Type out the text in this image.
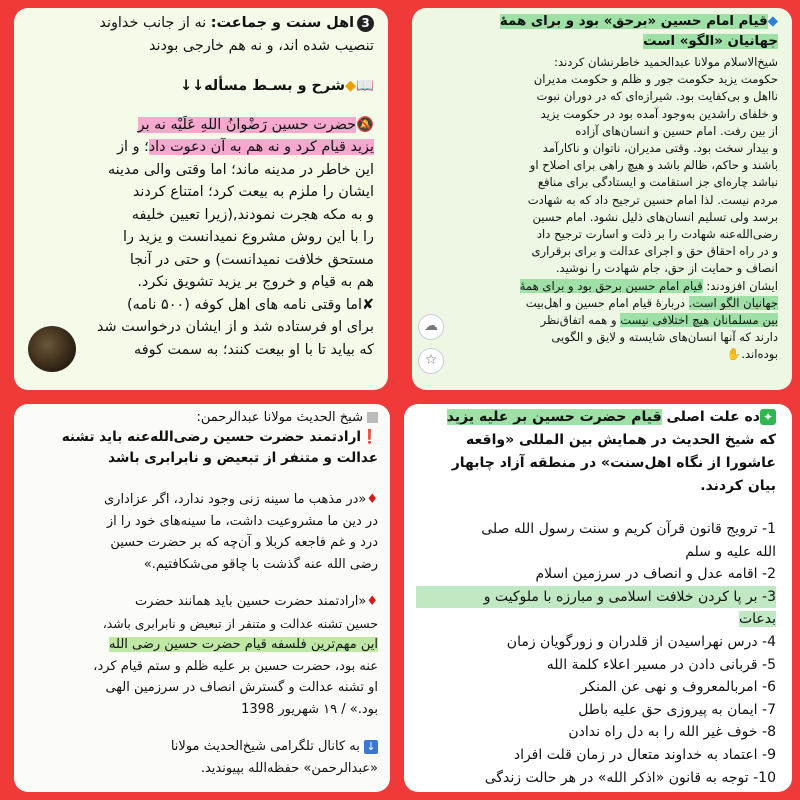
3اهل سنت و جماعت: نه از جانب خداوند

تنصیب شده اند، و نه هم خارجی بودند

📖◆شرح و بسـط مسأله↓↓

🔕حضرت حسین رَضْوانُ اللهِ عَلَیْه نه بر

یزید قیام کرد و نه هم به آن دعوت داد؛ و از

این خاطر در مدینه ماند؛ اما وقتی والی مدینه

ایشان را ملزم به بیعت کرد؛ امتناع کردند

و به مکه هجرت نمودند,(زیرا تعیین خلیفه

را با این روش مشروع نمیدانست و یزید را

مستحق خلافت نمیدانست) و حتی در آنجا

هم به قیام و خروج بر یزید تشویق نکرد.

✘اما وقتی نامه های اهل کوفه (۵۰۰ نامه)

برای او فرستاده شد و از ایشان درخواست شد

که بیاید تا با او بیعت کنند؛ به سمت کوفه

◆قیام امام حسین «برحق» بود و برای همهٔ

جهانیان «الگو» است

شیخ‌الاسلام مولانا عبدالحمید خاطرنشان کردند:

حکومت یزید حکومت جور و ظلم و حکومت مدیران

ناا‌هل و بی‌کفایت بود. شیرازه‌ای که در دوران نبوت

و خلفای راشدین به‌وجود آمده بود در حکومت یزید

از بین رفت. امام حسین و انسان‌های آزاده

و بیدار سخت بود. وقتی مدیران، ناتوان و ناکارآمد

باشند و حاکم، ظالم باشد و هیچ راهی برای اصلاح او

نباشد چاره‌ای جز استقامت و ایستادگی برای منافع

مردم نیست. لذا امام حسین ترجیح داد که به شهادت

برسد ولی تسلیم انسان‌های ذلیل نشود. امام حسین

رضی‌الله‌عنه شهادت را بر ذلت و اسارت ترجیح داد

و در راه احقاق حق و اجرای عدالت و برای برقراری

انصاف و حمایت از حق، جام شهادت را نوشید.

ایشان افزودند: قیام امام حسین برحق بود و برای همهٔ

جهانیان الگو است. دربارهٔ قیام امام حسین و اهل‌بیت

بین مسلمانان هیچ اختلافی نیست و همه اتفاق‌نظر

دارند که آنها انسان‌های شایسته و لایق و الگویی

بوده‌اند.✋

☁
☆

شیخ الحدیث مولانا عبدالرحمن:

❗ارادتمند حضرت حسین رضی‌الله‌عنه باید تشنه

عدالت و متنفر از تبعیض و نابرابری باشد

♦«در مذهب ما سینه زنی وجود ندارد، اگر عزاداری

در دین ما مشروعیت داشت، ما سینه‌های خود را از

درد و غم فاجعه کربلا و آن‌چه که بر حضرت حسین

رضی الله عنه گذشت با چاقو می‌شکافتیم.»

♦«ارادتمند حضرت حسین باید همانند حضرت

حسین تشنه عدالت و متنفر از تبعیض و نابرابری باشد،

این مهم‌ترین فلسفه قیام حضرت حسین رضی الله

عنه بود، حضرت حسین بر علیه ظلم و ستم قیام کرد،

او تشنه عدالت و گسترش انصاف در سرزمین الهی

بود.» / ۱۹ شهریور 1398

↓ به کانال تلگرامی شیخ‌الحدیث مولانا

«عبدالرحمن» حفظه‌الله بپیوندید.

✦ده علت اصلی قیام حضرت حسین بر علیه یزید

که شیخ الحدیث در همایش بین المللی «واقعه

عاشورا از نگاه اهل‌سنت» در منطقه آزاد چابهار

بیان کردند.

1- ترویج قانون قرآن کریم و سنت رسول الله صلی

الله علیه و سلم

2- اقامه عدل و انصاف در سرزمین اسلام

3- بر پا کردن خلافت اسلامی و مبارزه با ملوکیت و

بدعات

4- درس نهراسیدن از قلدران و زورگویان زمان

5- قربانی دادن در مسیر اعلاء کلمة الله

6- امربالمعروف و نهی عن المنکر

7- ایمان به پیروزی حق علیه باطل

8- خوف غیر الله را به دل راه ندادن

9- اعتماد به خداوند متعال در زمان قلت افراد

10- توجه به قانون «اذکر الله» در هر حالت زندگی
